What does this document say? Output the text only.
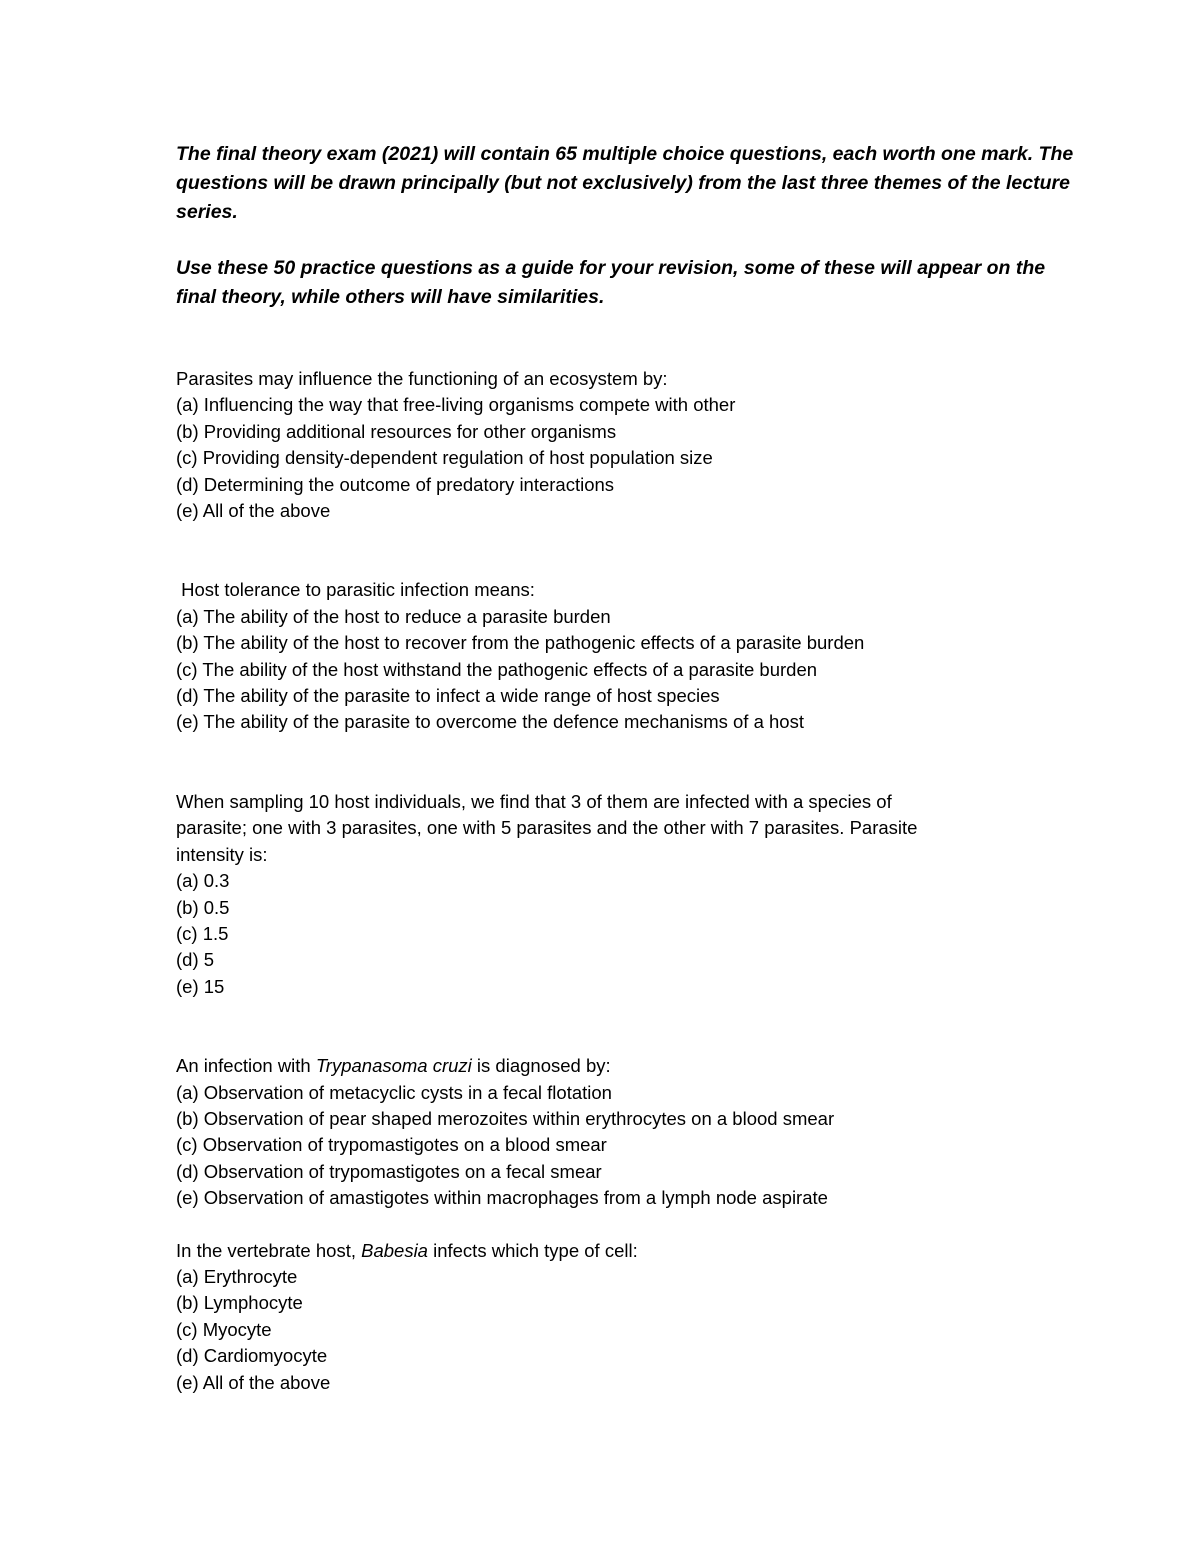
The final theory exam (2021) will contain 65 multiple choice questions, each worth one mark. The questions will be drawn principally (but not exclusively) from the last three themes of the lecture series.

Use these 50 practice questions as a guide for your revision, some of these will appear on the final theory, while others will have similarities.

Parasites may influence the functioning of an ecosystem by:
(a) Influencing the way that free-living organisms compete with other
(b) Providing additional resources for other organisms
(c) Providing density-dependent regulation of host population size
(d) Determining the outcome of predatory interactions
(e) All of the above
Host tolerance to parasitic infection means:
(a) The ability of the host to reduce a parasite burden
(b) The ability of the host to recover from the pathogenic effects of a parasite burden
(c) The ability of the host withstand the pathogenic effects of a parasite burden
(d) The ability of the parasite to infect a wide range of host species
(e) The ability of the parasite to overcome the defence mechanisms of a host
When sampling 10 host individuals, we find that 3 of them are infected with a species of
parasite; one with 3 parasites, one with 5 parasites and the other with 7 parasites. Parasite
intensity is:
(a) 0.3
(b) 0.5
(c) 1.5
(d) 5
(e) 15
An infection with Trypanasoma cruzi is diagnosed by:
(a) Observation of metacyclic cysts in a fecal flotation
(b) Observation of pear shaped merozoites within erythrocytes on a blood smear
(c) Observation of trypomastigotes on a blood smear
(d) Observation of trypomastigotes on a fecal smear
(e) Observation of amastigotes within macrophages from a lymph node aspirate
In the vertebrate host, Babesia infects which type of cell:
(a) Erythrocyte
(b) Lymphocyte
(c) Myocyte
(d) Cardiomyocyte
(e) All of the above
